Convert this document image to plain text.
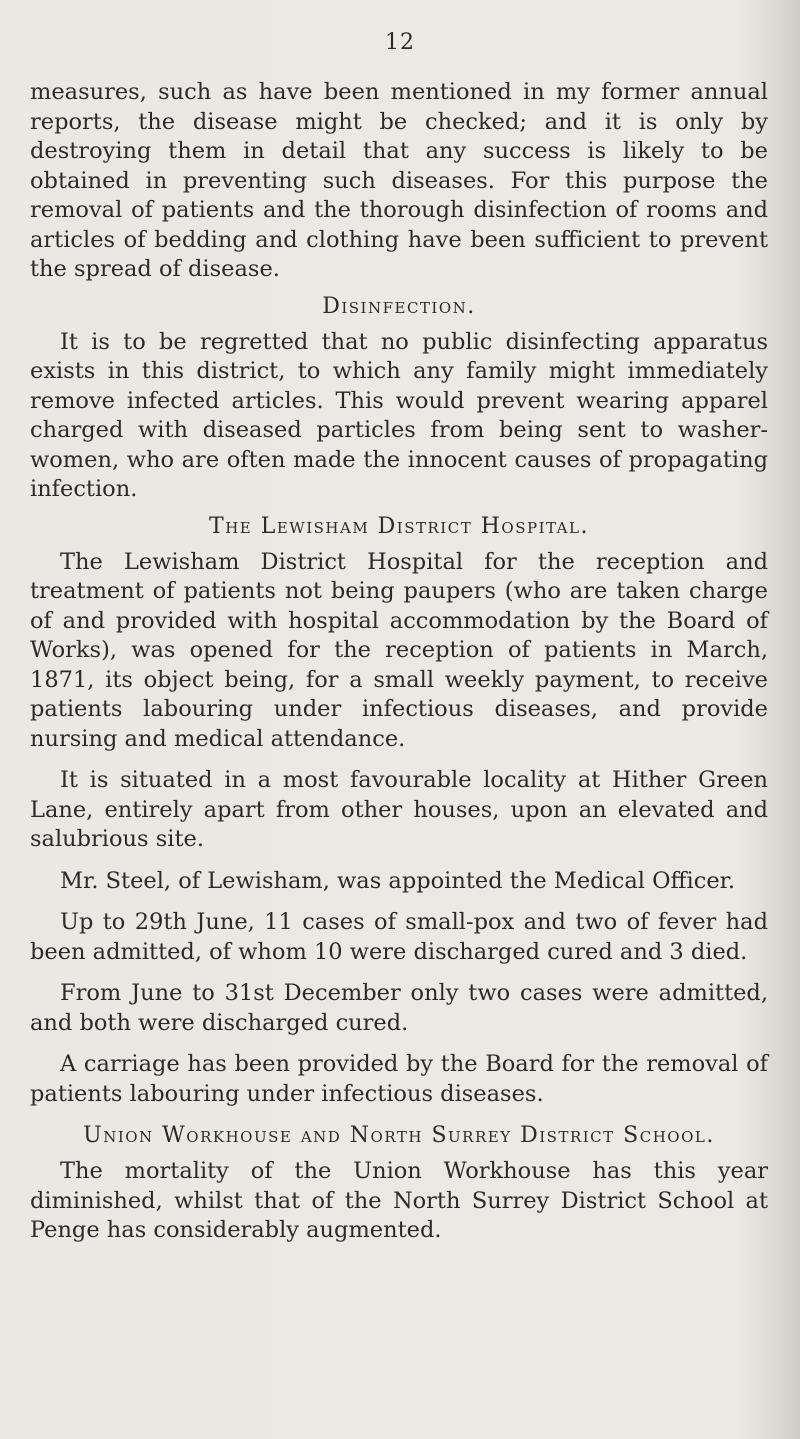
12

measures, such as have been mentioned in my former annual reports, the disease might be checked; and it is only by destroying them in detail that any success is likely to be obtained in preventing such diseases. For this purpose the removal of patients and the thorough disinfection of rooms and articles of bedding and clothing have been sufficient to prevent the spread of disease.

Disinfection.

It is to be regretted that no public disinfecting apparatus exists in this district, to which any family might immediately remove infected articles. This would prevent wearing apparel charged with diseased particles from being sent to washer-women, who are often made the innocent causes of propagating infection.

The Lewisham District Hospital.

The Lewisham District Hospital for the reception and treatment of patients not being paupers (who are taken charge of and provided with hospital accommodation by the Board of Works), was opened for the reception of patients in March, 1871, its object being, for a small weekly payment, to receive patients labouring under infectious diseases, and provide nursing and medical attendance.

It is situated in a most favourable locality at Hither Green Lane, entirely apart from other houses, upon an elevated and salubrious site.

Mr. Steel, of Lewisham, was appointed the Medical Officer.

Up to 29th June, 11 cases of small-pox and two of fever had been admitted, of whom 10 were discharged cured and 3 died.

From June to 31st December only two cases were admitted, and both were discharged cured.

A carriage has been provided by the Board for the removal of patients labouring under infectious diseases.

Union Workhouse and North Surrey District School.

The mortality of the Union Workhouse has this year diminished, whilst that of the North Surrey District School at Penge has considerably augmented.
